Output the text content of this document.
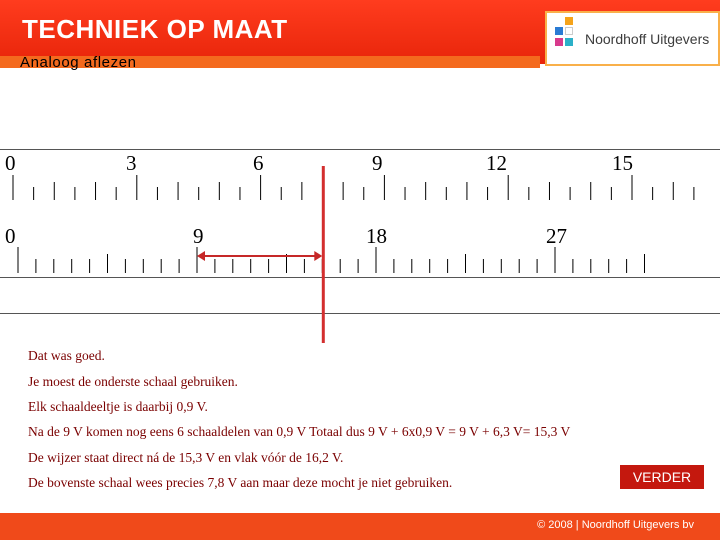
TECHNIEK OP MAAT
Analoog aflezen
Noordhoff Uitgevers
0	3	6	9	12	15
0	9	18	27

Dat was goed.

Je moest de onderste schaal gebruiken.

Elk schaaldeeltje is daarbij 0,9 V.

Na de 9 V komen nog eens 6 schaaldelen van 0,9 V Totaal dus 9 V + 6x0,9 V = 9 V + 6,3 V= 15,3 V

De wijzer staat direct ná de 15,3 V en vlak vóór de 16,2 V.

De bovenste schaal wees precies 7,8 V aan maar deze mocht je niet gebruiken.	VERDER
© 2008 | Noordhoff Uitgevers bv
